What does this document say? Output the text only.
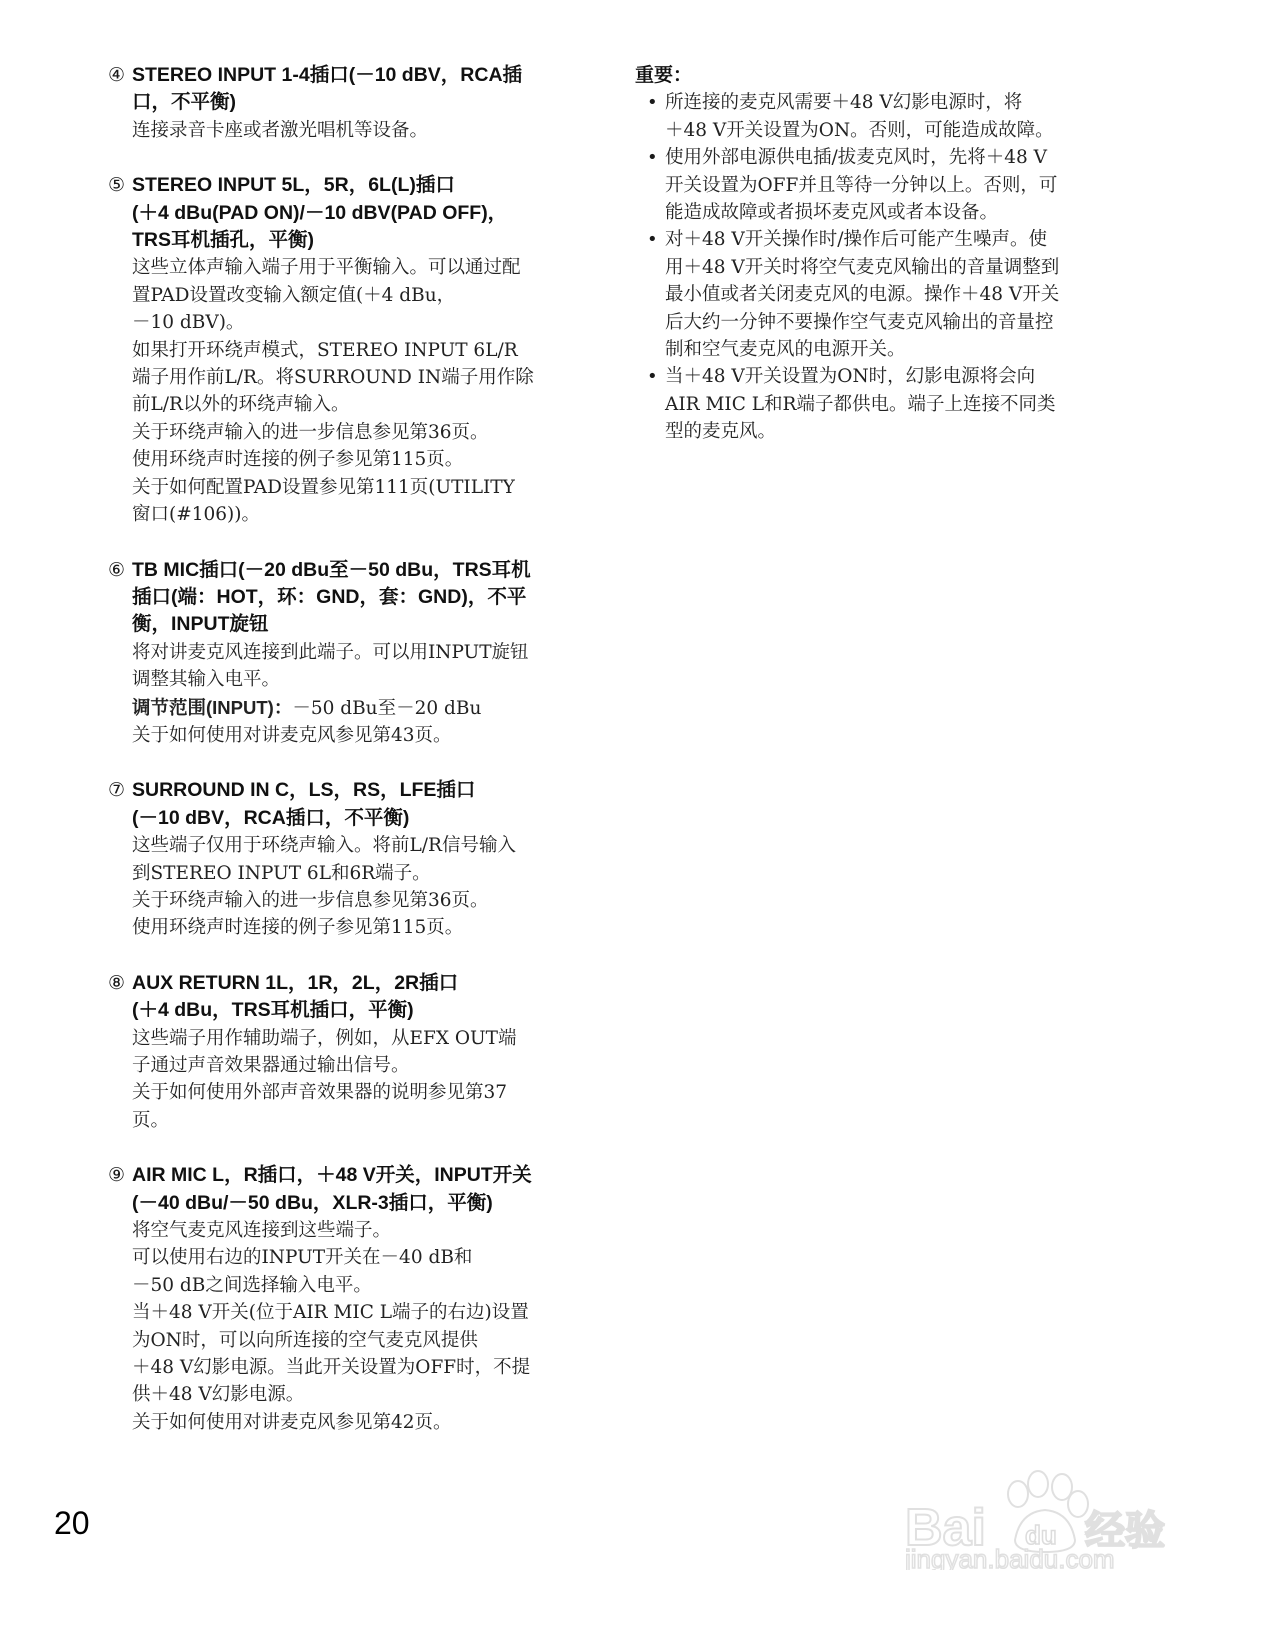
④ STEREO INPUT 1-4插口(－10 dBV，RCA插
口，不平衡)
连接录音卡座或者激光唱机等设备。
⑤ STEREO INPUT 5L，5R，6L(L)插口
(＋4 dBu(PAD ON)/－10 dBV(PAD OFF)，
TRS耳机插孔，平衡)
这些立体声输入端子用于平衡输入。可以通过配
置PAD设置改变输入额定值(＋4 dBu，
－10 dBV)。
如果打开环绕声模式，STEREO INPUT 6L/R
端子用作前L/R。将SURROUND IN端子用作除
前L/R以外的环绕声输入。
关于环绕声输入的进一步信息参见第36页。
使用环绕声时连接的例子参见第115页。
关于如何配置PAD设置参见第111页(UTILITY
窗口(#106))。
⑥ TB MIC插口(－20 dBu至－50 dBu，TRS耳机
插口(端：HOT，环：GND，套：GND)，不平
衡，INPUT旋钮
将对讲麦克风连接到此端子。可以用INPUT旋钮
调整其输入电平。
调节范围(INPUT)：－50 dBu至－20 dBu
关于如何使用对讲麦克风参见第43页。
⑦ SURROUND IN C，LS，RS，LFE插口
(－10 dBV，RCA插口，不平衡)
这些端子仅用于环绕声输入。将前L/R信号输入
到STEREO INPUT 6L和6R端子。
关于环绕声输入的进一步信息参见第36页。
使用环绕声时连接的例子参见第115页。
⑧ AUX RETURN 1L，1R，2L，2R插口
(＋4 dBu，TRS耳机插口，平衡)
这些端子用作辅助端子，例如，从EFX OUT端
子通过声音效果器通过输出信号。
关于如何使用外部声音效果器的说明参见第37
页。
⑨ AIR MIC L，R插口，＋48 V开关，INPUT开关
(－40 dBu/－50 dBu，XLR-3插口，平衡)
将空气麦克风连接到这些端子。
可以使用右边的INPUT开关在－40 dB和
－50 dB之间选择输入电平。
当＋48 V开关(位于AIR MIC L端子的右边)设置
为ON时，可以向所连接的空气麦克风提供
＋48 V幻影电源。当此开关设置为OFF时，不提
供＋48 V幻影电源。
关于如何使用对讲麦克风参见第42页。
重要：
• 所连接的麦克风需要＋48 V幻影电源时，将
＋48 V开关设置为ON。否则，可能造成故障。
• 使用外部电源供电插/拔麦克风时，先将＋48 V
开关设置为OFF并且等待一分钟以上。否则，可
能造成故障或者损坏麦克风或者本设备。
• 对＋48 V开关操作时/操作后可能产生噪声。使
用＋48 V开关时将空气麦克风输出的音量调整到
最小值或者关闭麦克风的电源。操作＋48 V开关
后大约一分钟不要操作空气麦克风输出的音量控
制和空气麦克风的电源开关。
• 当＋48 V开关设置为ON时，幻影电源将会向
AIR MIC L和R端子都供电。端子上连接不同类
型的麦克风。
20	Bai du 经验
jingyan.baidu.com
